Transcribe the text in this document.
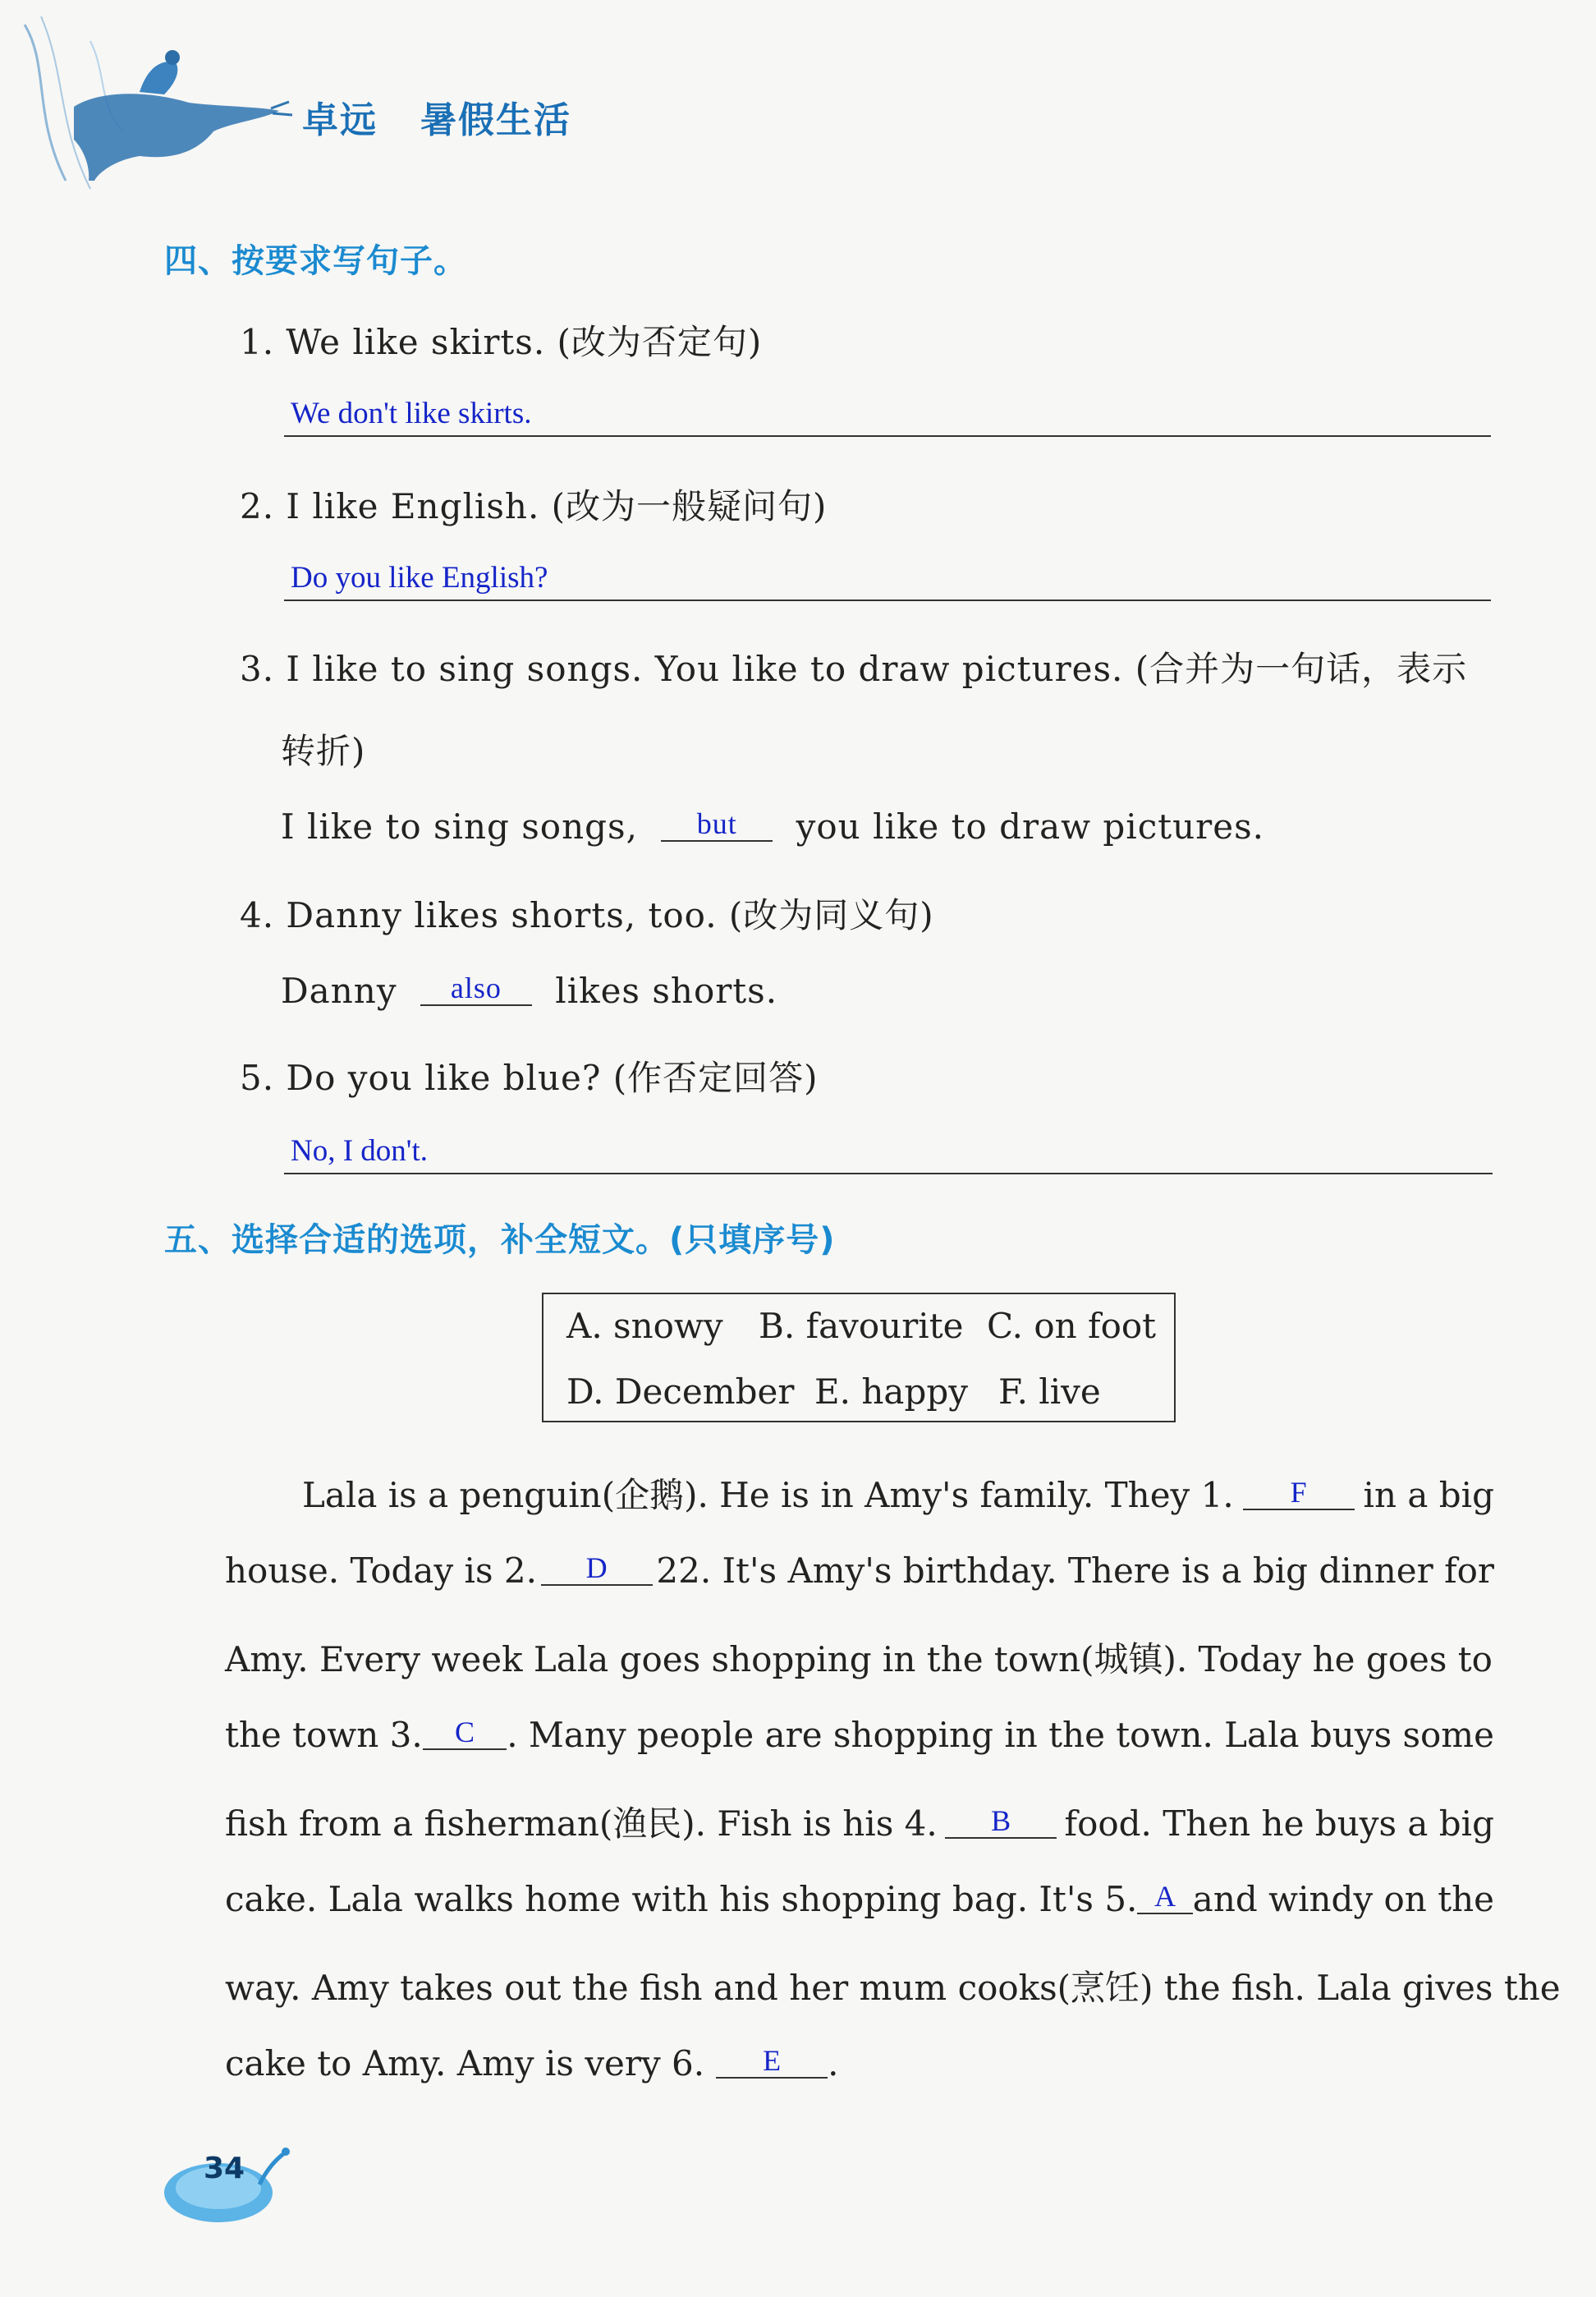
卓远 暑假生活
四、按要求写句子。
1. We like skirts. (改为否定句)
We don't like skirts.
2. I like English. (改为一般疑问句)
Do you like English?
3. I like to sing songs. You like to draw pictures. (合并为一句话，表示
转折)
I like to sing songs, but you like to draw pictures.
4. Danny likes shorts, too. (改为同义句)
Danny also likes shorts.
5. Do you like blue? (作否定回答)
No, I don't.
五、选择合适的选项，补全短文。(只填序号)
A. snowy B. favourite C. on foot
D. December E. happy F. live
Lala is a penguin(企鹅). He is in Amy's family. They 1.	F	in a big
house. Today is 2.	D	22. It's Amy's birthday. There is a big dinner for
Amy. Every week Lala goes shopping in the town(城镇). Today he goes to
the town 3.	C . Many people are shopping in the town. Lala buys some
fish from a fisherman(渔民). Fish is his 4.	B	food. Then he buys a big
cake. Lala walks home with his shopping bag. It's 5. A and windy on the
way. Amy takes out the fish and her mum cooks(烹饪) the fish. Lala gives the
cake to Amy. Amy is very 6.	E	.
34
